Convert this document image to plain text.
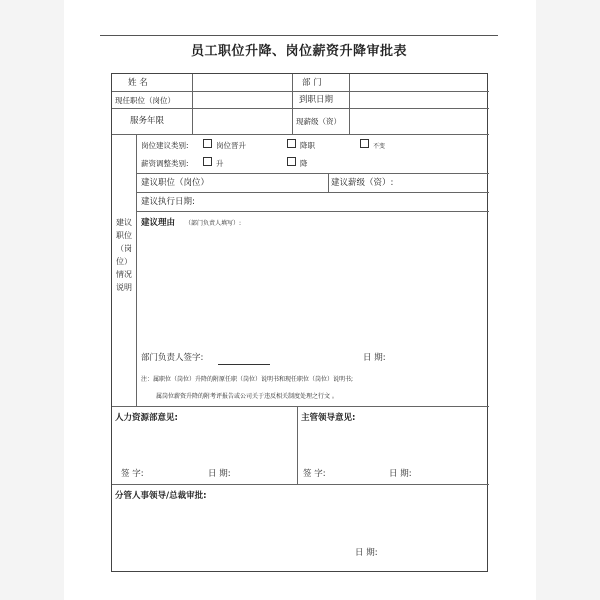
员工职位升降、岗位薪资升降审批表
姓 名	部 门
现任职位（岗位）	到职日期
服务年限	现薪级（资）
建议
职位
（岗
位）
情况
说明
岗位建议类别:	岗位晋升	降职	不变
薪资调整类别:	升	降
建议职位（岗位）	建议薪级（资）:
建议执行日期:
建议理由 （部门负责人填写）:
部门负责人签字:	日 期:
注：属职位（岗位）升降的附原任职（岗位）说明书和现任职位（岗位）说明书;
属岗位薪资升降的附考评报告或公司关于违反相关制度处理之行文 。
人力资源部意见:
签 字:	日 期:
主管领导意见:
签 字:	日 期:
分管人事领导/总裁审批:
日 期:
